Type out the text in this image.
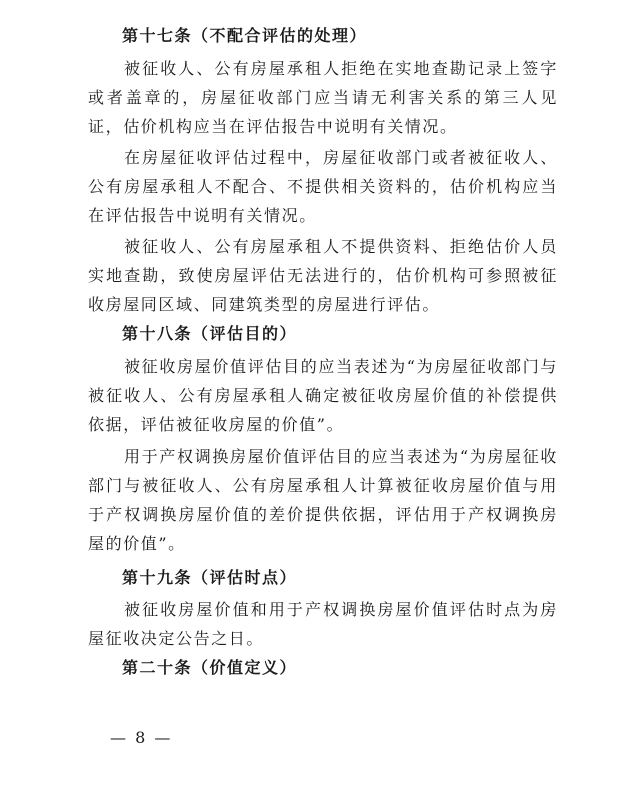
第十七条（不配合评估的处理）

被征收人、公有房屋承租人拒绝在实地查勘记录上签字或者盖章的，房屋征收部门应当请无利害关系的第三人见证，估价机构应当在评估报告中说明有关情况。

在房屋征收评估过程中，房屋征收部门或者被征收人、公有房屋承租人不配合、不提供相关资料的，估价机构应当在评估报告中说明有关情况。

被征收人、公有房屋承租人不提供资料、拒绝估价人员实地查勘，致使房屋评估无法进行的，估价机构可参照被征收房屋同区域、同建筑类型的房屋进行评估。

第十八条（评估目的）

被征收房屋价值评估目的应当表述为“为房屋征收部门与被征收人、公有房屋承租人确定被征收房屋价值的补偿提供依据，评估被征收房屋的价值”。

用于产权调换房屋价值评估目的应当表述为“为房屋征收部门与被征收人、公有房屋承租人计算被征收房屋价值与用于产权调换房屋价值的差价提供依据，评估用于产权调换房屋的价值”。

第十九条（评估时点）

被征收房屋价值和用于产权调换房屋价值评估时点为房屋征收决定公告之日。

第二十条（价值定义）
— 8 —
